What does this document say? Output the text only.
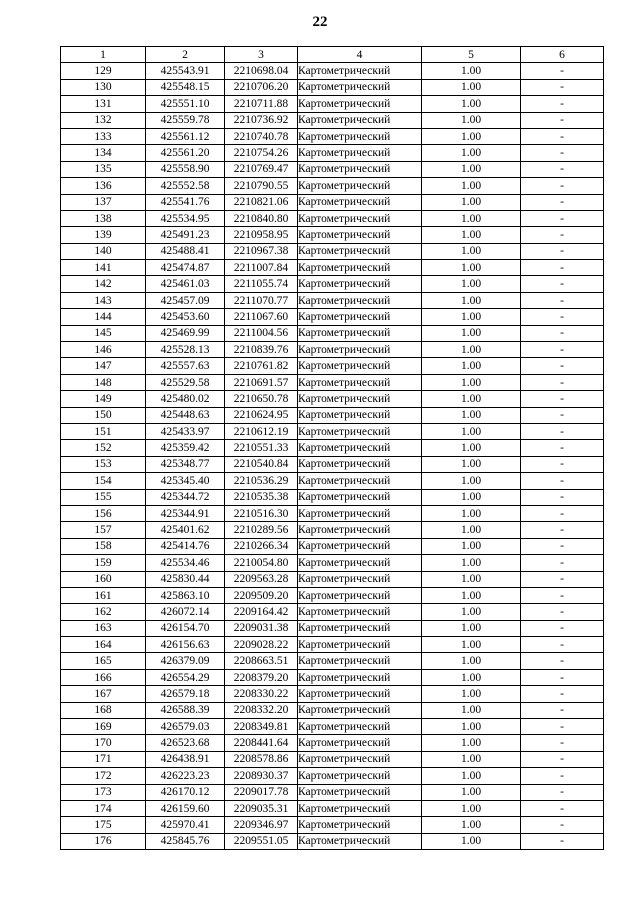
22
1	2	3	4	5	6
129	425543.91	2210698.04	Картометрический	1.00	-
130	425548.15	2210706.20	Картометрический	1.00	-
131	425551.10	2210711.88	Картометрический	1.00	-
132	425559.78	2210736.92	Картометрический	1.00	-
133	425561.12	2210740.78	Картометрический	1.00	-
134	425561.20	2210754.26	Картометрический	1.00	-
135	425558.90	2210769.47	Картометрический	1.00	-
136	425552.58	2210790.55	Картометрический	1.00	-
137	425541.76	2210821.06	Картометрический	1.00	-
138	425534.95	2210840.80	Картометрический	1.00	-
139	425491.23	2210958.95	Картометрический	1.00	-
140	425488.41	2210967.38	Картометрический	1.00	-
141	425474.87	2211007.84	Картометрический	1.00	-
142	425461.03	2211055.74	Картометрический	1.00	-
143	425457.09	2211070.77	Картометрический	1.00	-
144	425453.60	2211067.60	Картометрический	1.00	-
145	425469.99	2211004.56	Картометрический	1.00	-
146	425528.13	2210839.76	Картометрический	1.00	-
147	425557.63	2210761.82	Картометрический	1.00	-
148	425529.58	2210691.57	Картометрический	1.00	-
149	425480.02	2210650.78	Картометрический	1.00	-
150	425448.63	2210624.95	Картометрический	1.00	-
151	425433.97	2210612.19	Картометрический	1.00	-
152	425359.42	2210551.33	Картометрический	1.00	-
153	425348.77	2210540.84	Картометрический	1.00	-
154	425345.40	2210536.29	Картометрический	1.00	-
155	425344.72	2210535.38	Картометрический	1.00	-
156	425344.91	2210516.30	Картометрический	1.00	-
157	425401.62	2210289.56	Картометрический	1.00	-
158	425414.76	2210266.34	Картометрический	1.00	-
159	425534.46	2210054.80	Картометрический	1.00	-
160	425830.44	2209563.28	Картометрический	1.00	-
161	425863.10	2209509.20	Картометрический	1.00	-
162	426072.14	2209164.42	Картометрический	1.00	-
163	426154.70	2209031.38	Картометрический	1.00	-
164	426156.63	2209028.22	Картометрический	1.00	-
165	426379.09	2208663.51	Картометрический	1.00	-
166	426554.29	2208379.20	Картометрический	1.00	-
167	426579.18	2208330.22	Картометрический	1.00	-
168	426588.39	2208332.20	Картометрический	1.00	-
169	426579.03	2208349.81	Картометрический	1.00	-
170	426523.68	2208441.64	Картометрический	1.00	-
171	426438.91	2208578.86	Картометрический	1.00	-
172	426223.23	2208930.37	Картометрический	1.00	-
173	426170.12	2209017.78	Картометрический	1.00	-
174	426159.60	2209035.31	Картометрический	1.00	-
175	425970.41	2209346.97	Картометрический	1.00	-
176	425845.76	2209551.05	Картометрический	1.00	-
